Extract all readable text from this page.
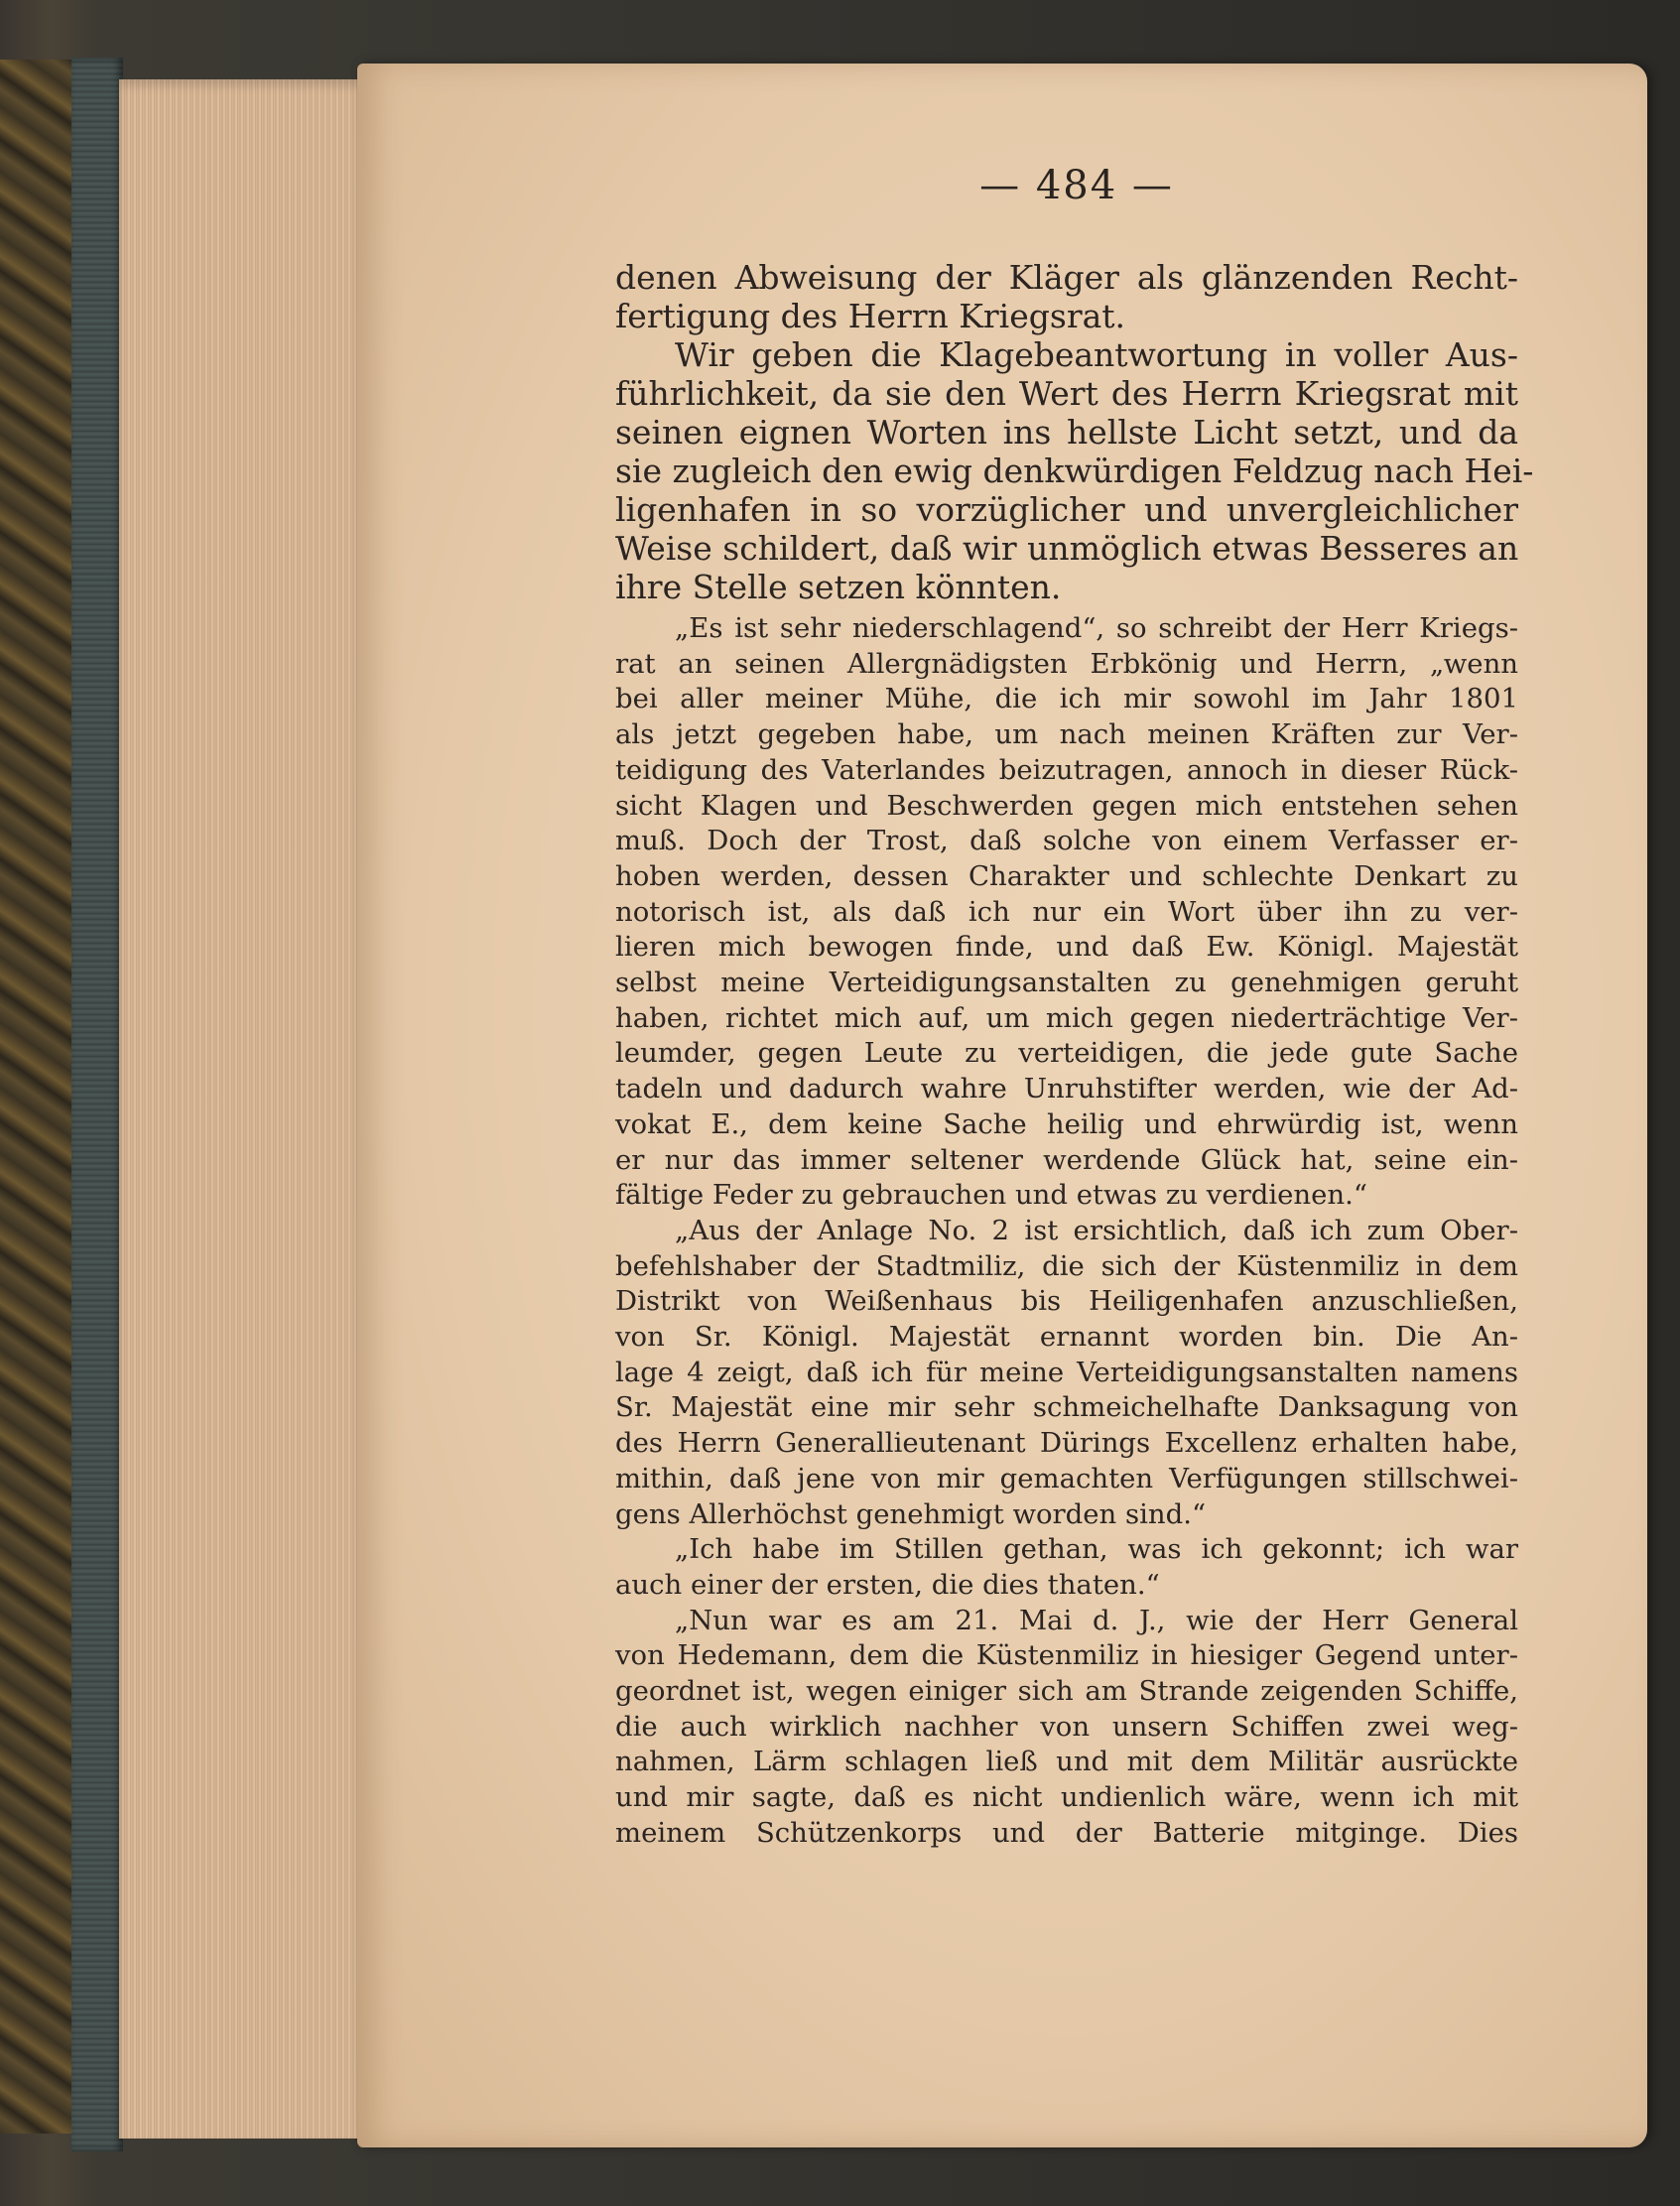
— 484 —
denen Abweisung der Kläger als glänzenden Recht-
fertigung des Herrn Kriegsrat.
Wir geben die Klagebeantwortung in voller Aus-
führlichkeit, da sie den Wert des Herrn Kriegsrat mit
seinen eignen Worten ins hellste Licht setzt, und da
sie zugleich den ewig denkwürdigen Feldzug nach Hei-
ligenhafen in so vorzüglicher und unvergleichlicher
Weise schildert, daß wir unmöglich etwas Besseres an
ihre Stelle setzen könnten.
„Es ist sehr niederschlagend“, so schreibt der Herr Kriegs-
rat an seinen Allergnädigsten Erbkönig und Herrn, „wenn
bei aller meiner Mühe, die ich mir sowohl im Jahr 1801
als jetzt gegeben habe, um nach meinen Kräften zur Ver-
teidigung des Vaterlandes beizutragen, annoch in dieser Rück-
sicht Klagen und Beschwerden gegen mich entstehen sehen
muß. Doch der Trost, daß solche von einem Verfasser er-
hoben werden, dessen Charakter und schlechte Denkart zu
notorisch ist, als daß ich nur ein Wort über ihn zu ver-
lieren mich bewogen finde, und daß Ew. Königl. Majestät
selbst meine Verteidigungsanstalten zu genehmigen geruht
haben, richtet mich auf, um mich gegen niederträchtige Ver-
leumder, gegen Leute zu verteidigen, die jede gute Sache
tadeln und dadurch wahre Unruhstifter werden, wie der Ad-
vokat E., dem keine Sache heilig und ehrwürdig ist, wenn
er nur das immer seltener werdende Glück hat, seine ein-
fältige Feder zu gebrauchen und etwas zu verdienen.“
„Aus der Anlage No. 2 ist ersichtlich, daß ich zum Ober-
befehlshaber der Stadtmiliz, die sich der Küstenmiliz in dem
Distrikt von Weißenhaus bis Heiligenhafen anzuschließen,
von Sr. Königl. Majestät ernannt worden bin. Die An-
lage 4 zeigt, daß ich für meine Verteidigungsanstalten namens
Sr. Majestät eine mir sehr schmeichelhafte Danksagung von
des Herrn Generallieutenant Dürings Excellenz erhalten habe,
mithin, daß jene von mir gemachten Verfügungen stillschwei-
gens Allerhöchst genehmigt worden sind.“
„Ich habe im Stillen gethan, was ich gekonnt; ich war
auch einer der ersten, die dies thaten.“
„Nun war es am 21. Mai d. J., wie der Herr General
von Hedemann, dem die Küstenmiliz in hiesiger Gegend unter-
geordnet ist, wegen einiger sich am Strande zeigenden Schiffe,
die auch wirklich nachher von unsern Schiffen zwei weg-
nahmen, Lärm schlagen ließ und mit dem Militär ausrückte
und mir sagte, daß es nicht undienlich wäre, wenn ich mit
meinem Schützenkorps und der Batterie mitginge. Dies
